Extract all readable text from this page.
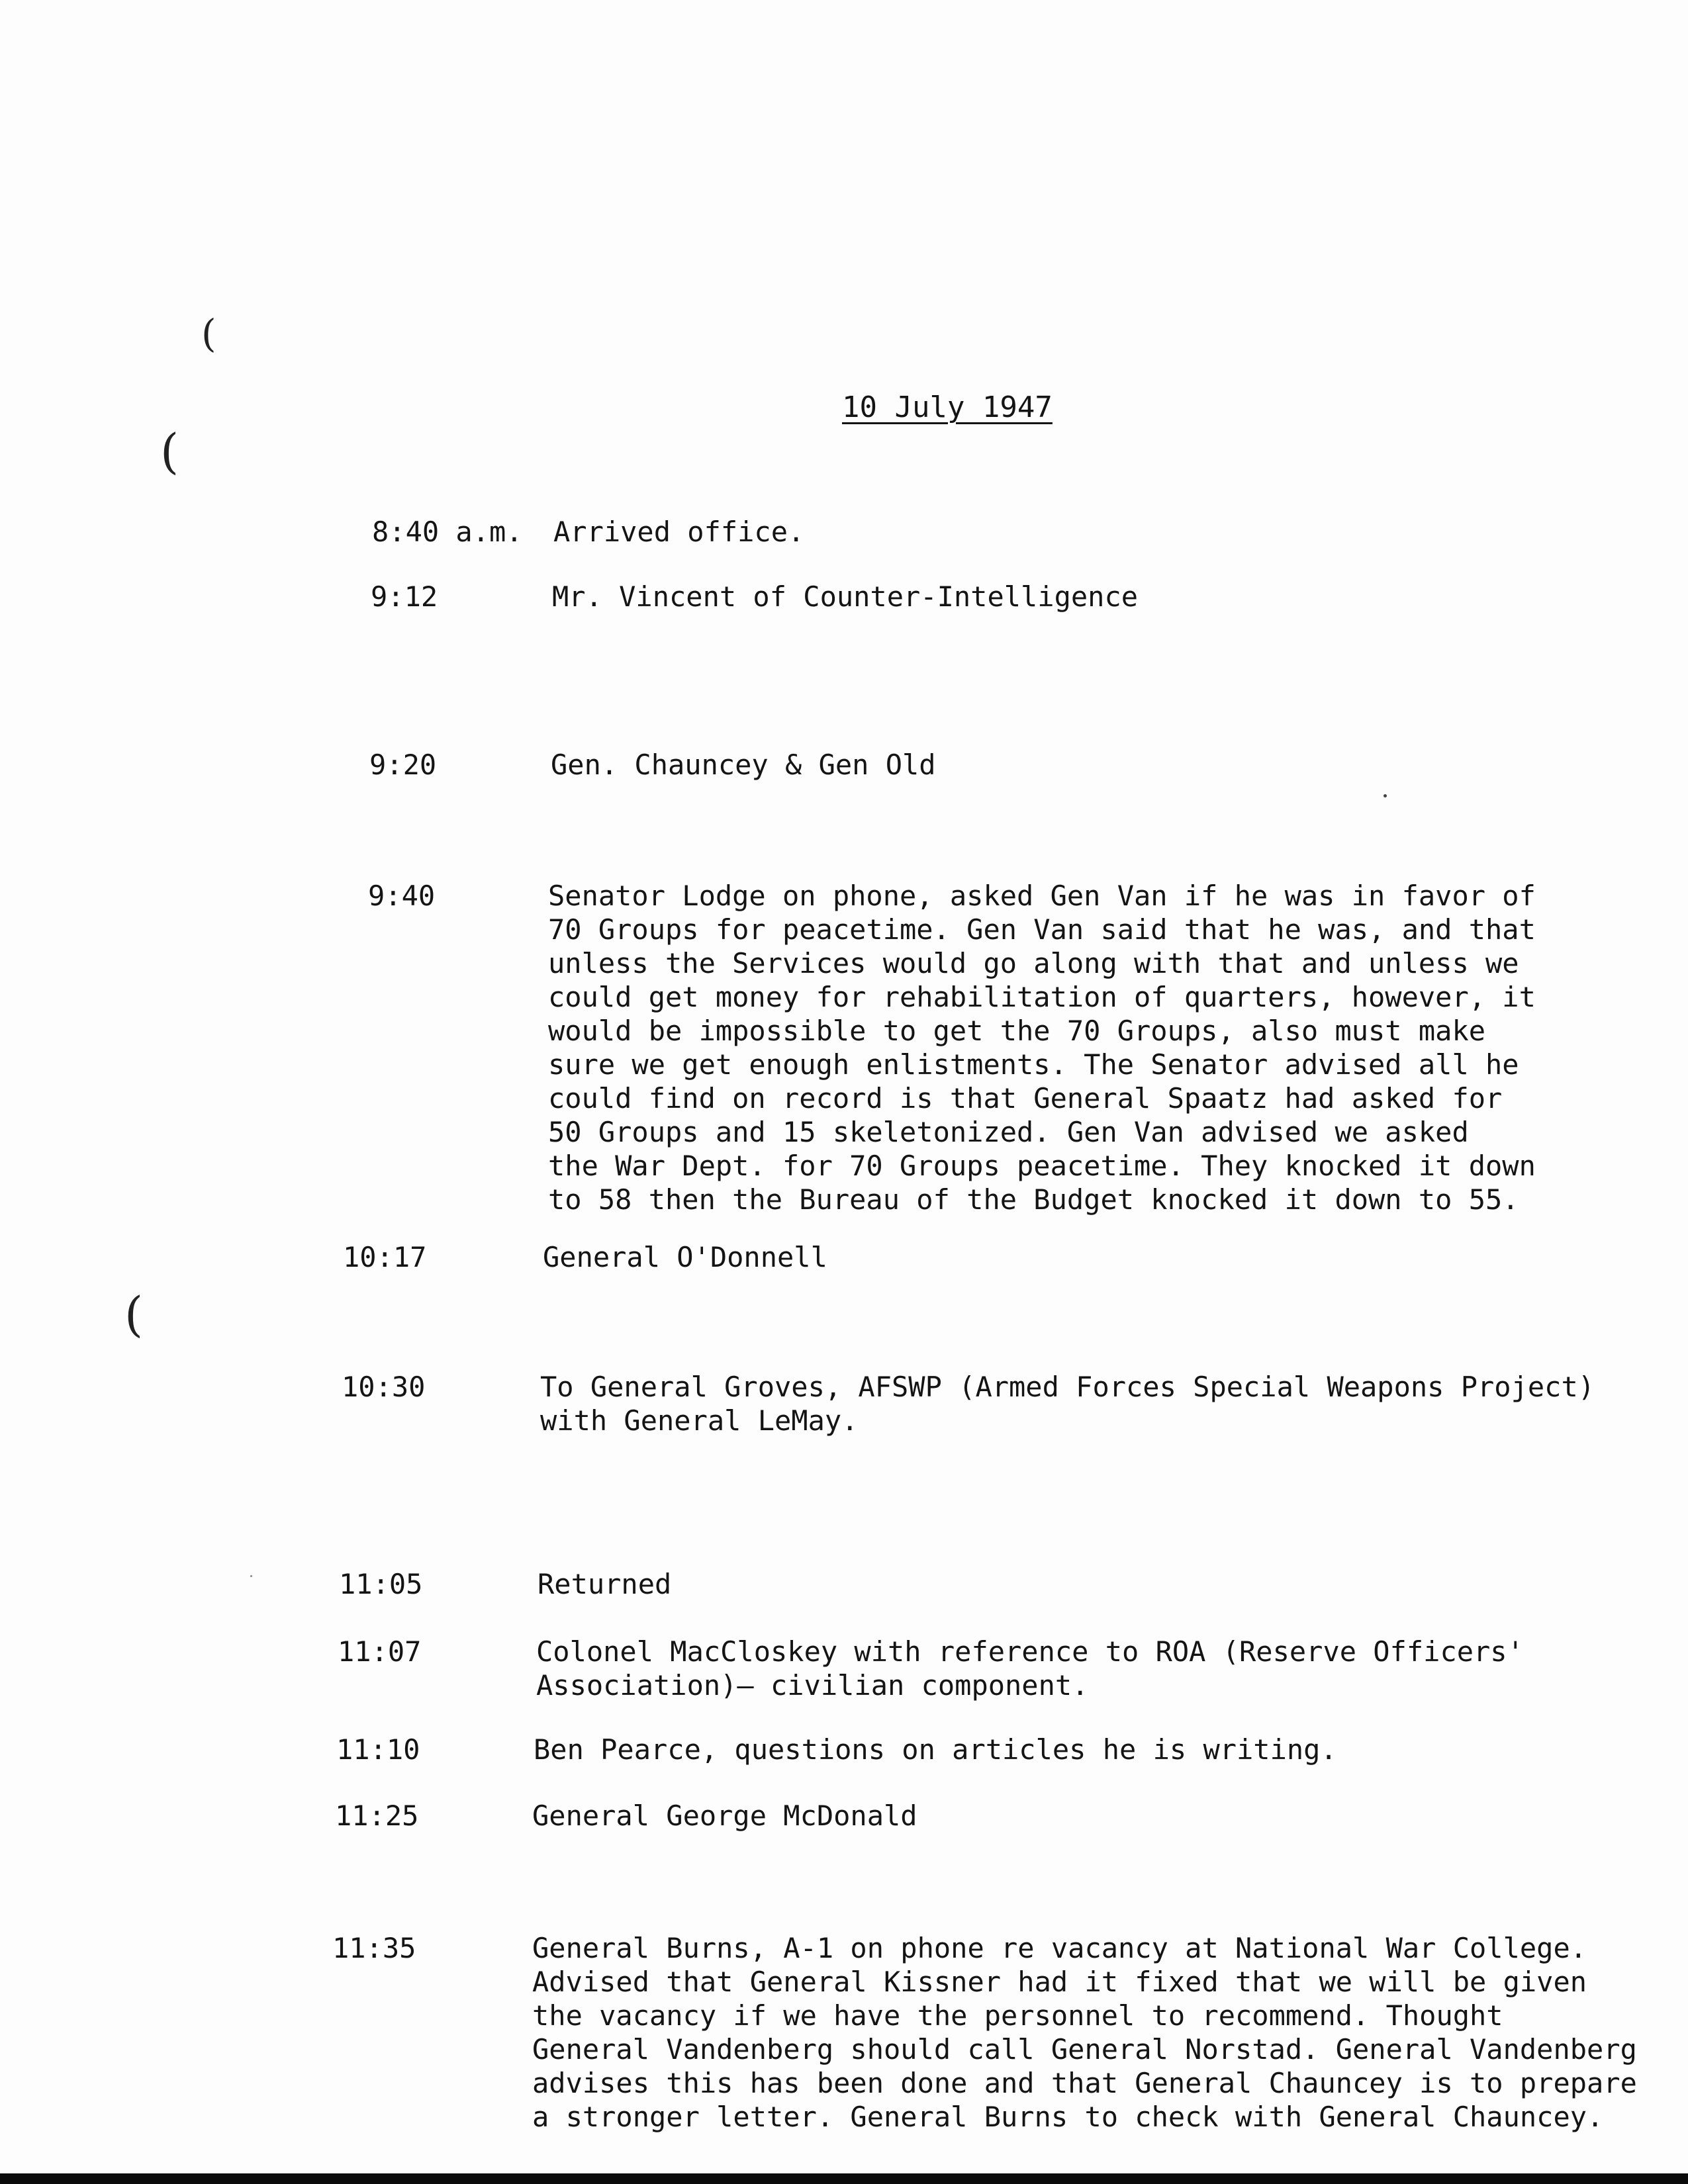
(
(
(
10 July 1947
8:40 a.m. Arrived office.
9:12	Mr. Vincent of Counter-Intelligence
9:20	Gen. Chauncey & Gen Old
9:40	Senator Lodge on phone, asked Gen Van if he was in favor of
70 Groups for peacetime. Gen Van said that he was, and that
unless the Services would go along with that and unless we
could get money for rehabilitation of quarters, however, it
would be impossible to get the 70 Groups, also must make
sure we get enough enlistments. The Senator advised all he
could find on record is that General Spaatz had asked for
50 Groups and 15 skeletonized. Gen Van advised we asked
the War Dept. for 70 Groups peacetime. They knocked it down
to 58 then the Bureau of the Budget knocked it down to 55.
10:17	General O'Donnell
10:30	To General Groves, AFSWP (Armed Forces Special Weapons Project)
with General LeMay.
11:05	Returned
11:07	Colonel MacCloskey with reference to ROA (Reserve Officers'
Association)— civilian component.
11:10	Ben Pearce, questions on articles he is writing.
11:25	General George McDonald
11:35	General Burns, A-1 on phone re vacancy at National War College.
Advised that General Kissner had it fixed that we will be given
the vacancy if we have the personnel to recommend. Thought
General Vandenberg should call General Norstad. General Vandenberg
advises this has been done and that General Chauncey is to prepare
a stronger letter. General Burns to check with General Chauncey.
